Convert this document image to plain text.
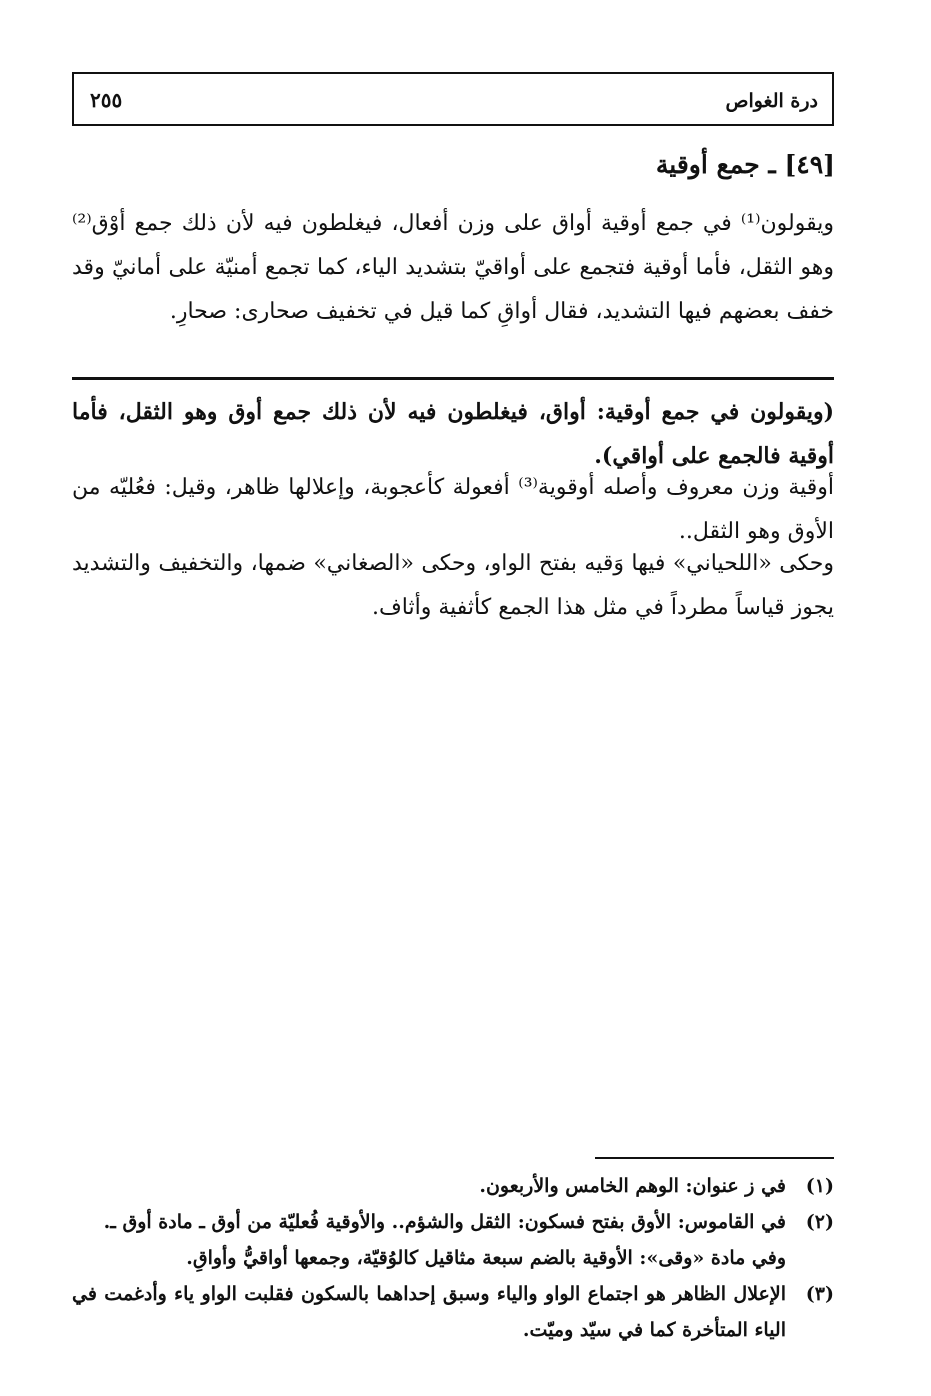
درة الغواص
٢٥٥
[٤٩] ـ جمع أوقية
ويقولون⁽¹⁾ في جمع أوقية أواق على وزن أفعال، فيغلطون فيه لأن ذلك جمع أوْق⁽²⁾ وهو الثقل، فأما أوقية فتجمع على أواقيّ بتشديد الياء، كما تجمع أمنيّة على أمانيّ وقد خفف بعضهم فيها التشديد، فقال أواقِ كما قيل في تخفيف صحارى: صحارِ.
(ويقولون في جمع أوقية: أواق، فيغلطون فيه لأن ذلك جمع أوق وهو الثقل، فأما أوقية فالجمع على أواقي).
أوقية وزن معروف وأصله أوقوية⁽³⁾ أفعولة كأعجوبة، وإعلالها ظاهر، وقيل: فعُليّه من الأوق وهو الثقل..
وحكى «اللحياني» فيها وَقيه بفتح الواو، وحكى «الصغاني» ضمها، والتخفيف والتشديد يجوز قياساً مطرداً في مثل هذا الجمع كأثفية وأثاف.
(١)
في ز عنوان: الوهم الخامس والأربعون.
(٢)
في القاموس: الأوق بفتح فسكون: الثقل والشؤم.. والأوقية فُعليّة من أوق ـ مادة أوق ـ.
وفي مادة «وقى»: الأوقية بالضم سبعة مثاقيل كالوُقيّة، وجمعها أواقيُّ وأواقِ.
(٣)
الإعلال الظاهر هو اجتماع الواو والياء وسبق إحداهما بالسكون فقلبت الواو ياء وأدغمت في الياء المتأخرة كما في سيّد وميّت.
